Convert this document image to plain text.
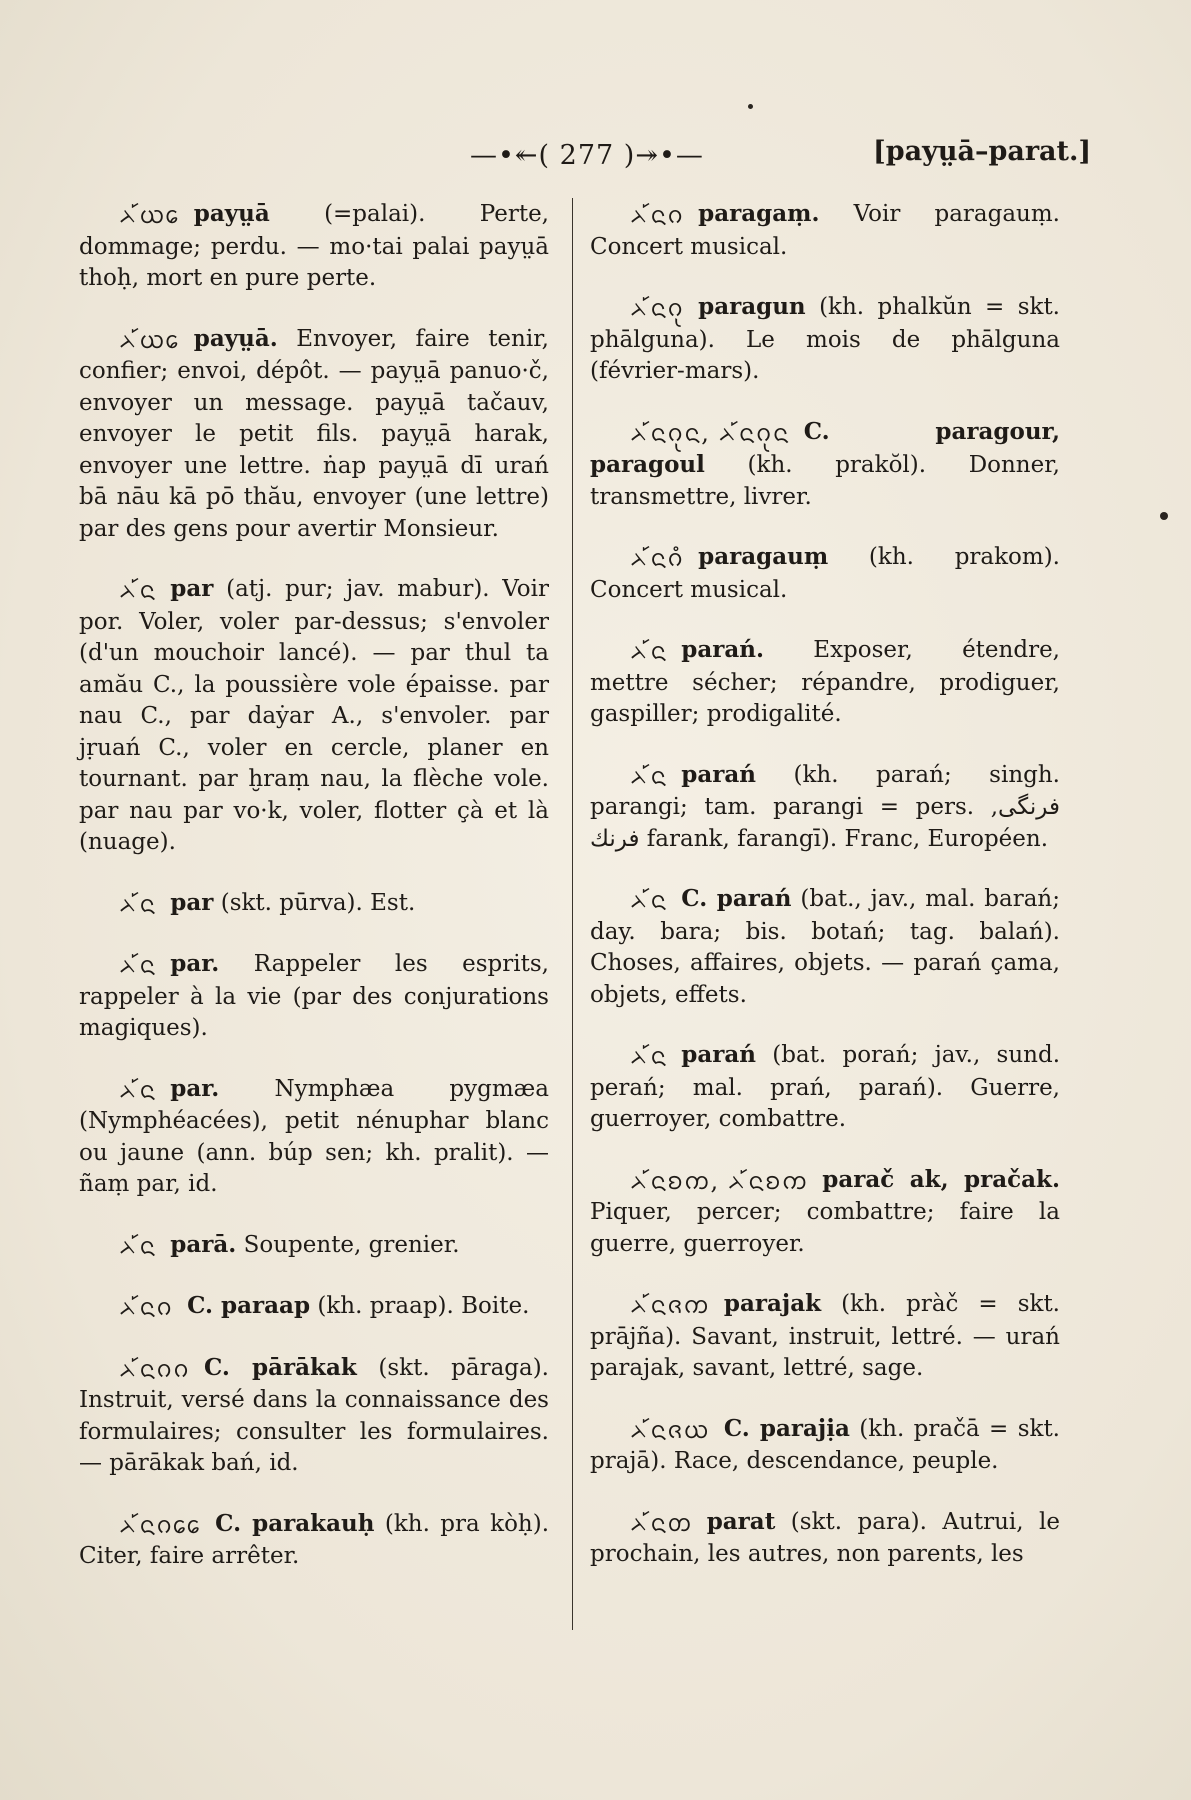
—•↞( 277 )↠•—	[payṳā–parat.]
ᨂ᩶ᨿᩮ payṳā (=palai). Perte, dommage; perdu. — mo·tai palai payṳā thoḥ, mort en pure perte.
ᨂ᩶ᨿᩮ payṳā. Envoyer, faire tenir, confier; envoi, dépôt. — payṳā panuo·č, envoyer un message. payṳā tačauv, envoyer le petit fils. payṳā harak, envoyer une lettre. ṅap payṳā dī urań bā nāu kā pō thău, envoyer (une lettre) par des gens pour avertir Monsieur.
ᨂ᩶ᨶ par (atj. pur; jav. mabur). Voir por. Voler, voler par-dessus; s'envoler (d'un mouchoir lancé). — par thul ta amău C., la poussière vole épaisse. par nau C., par daẏar A., s'envoler. par jṛuań C., voler en cercle, planer en tournant. par ḫraṃ nau, la flèche vole. par nau par vo·k, voler, flotter çà et là (nuage).
ᨂ᩶ᨶ par (skt. pūrva). Est.
ᨂ᩶ᨶ par. Rappeler les esprits, rappeler à la vie (par des conjurations magiques).
ᨂ᩶ᨶ par. Nymphæa pygmæa (Nymphéacées), petit nénuphar blanc ou jaune (ann. búp sen; kh. pralit). — ñaṃ par, id.
ᨂ᩶ᨶ parā. Soupente, grenier.
ᨂ᩶ᨶᨣ C. paraap (kh. praap). Boite.
ᨂ᩶ᨶᨣᨣ C. pārākak (skt. pāraga). Instruit, versé dans la connaissance des formulaires; consulter les formulaires. — pārākak bań, id.
ᨂ᩶ᨶᨣᩯ C. parakauḥ (kh. pra kòḥ). Citer, faire arrêter.
ᨂ᩶ᨶᨣ paragaṃ. Voir paragauṃ. Concert musical.
ᨂ᩶ᨶᨣᩩ paragun (kh. phalkŭn = skt. phālguna). Le mois de phālguna (février-mars).
ᨂ᩶ᨶᨣᩩᨶ, ᨂ᩶ᨶᨣᩩᨶ C. paragour, paragoul (kh. prakŏl). Donner, transmettre, livrer.
ᨂ᩶ᨶᨣᩴ paragauṃ (kh. prakom). Concert musical.
ᨂ᩶ᨶ parań. Exposer, étendre, mettre sécher; répandre, prodiguer, gaspiller; prodigalité.
ᨂ᩶ᨶ parań (kh. parań; singh. parangi; tam. parangi = pers. فرنگی, فرنك farank, farangī). Franc, Européen.
ᨂ᩶ᨶ C. parań (bat., jav., mal. barań; day. bara; bis. botań; tag. balań). Choses, affaires, objets. — parań çama, objets, effets.
ᨂ᩶ᨶ parań (bat. porań; jav., sund. perań; mal. prań, parań). Guerre, guerroyer, combattre.
ᨂ᩶ᨶᨧᨠ, ᨂ᩶ᨶᨧᨠ parač ak, pračak. Piquer, percer; combattre; faire la guerre, guerroyer.
ᨂ᩶ᨶᨩᨠ parajak (kh. pràč = skt. prājña). Savant, instruit, lettré. — urań parajak, savant, lettré, sage.
ᨂ᩶ᨶᨩᨿ C. parajịa (kh. pračā = skt. prajā). Race, descendance, peuple.
ᨂ᩶ᨶᨲ parat (skt. para). Autrui, le prochain, les autres, non parents, les
